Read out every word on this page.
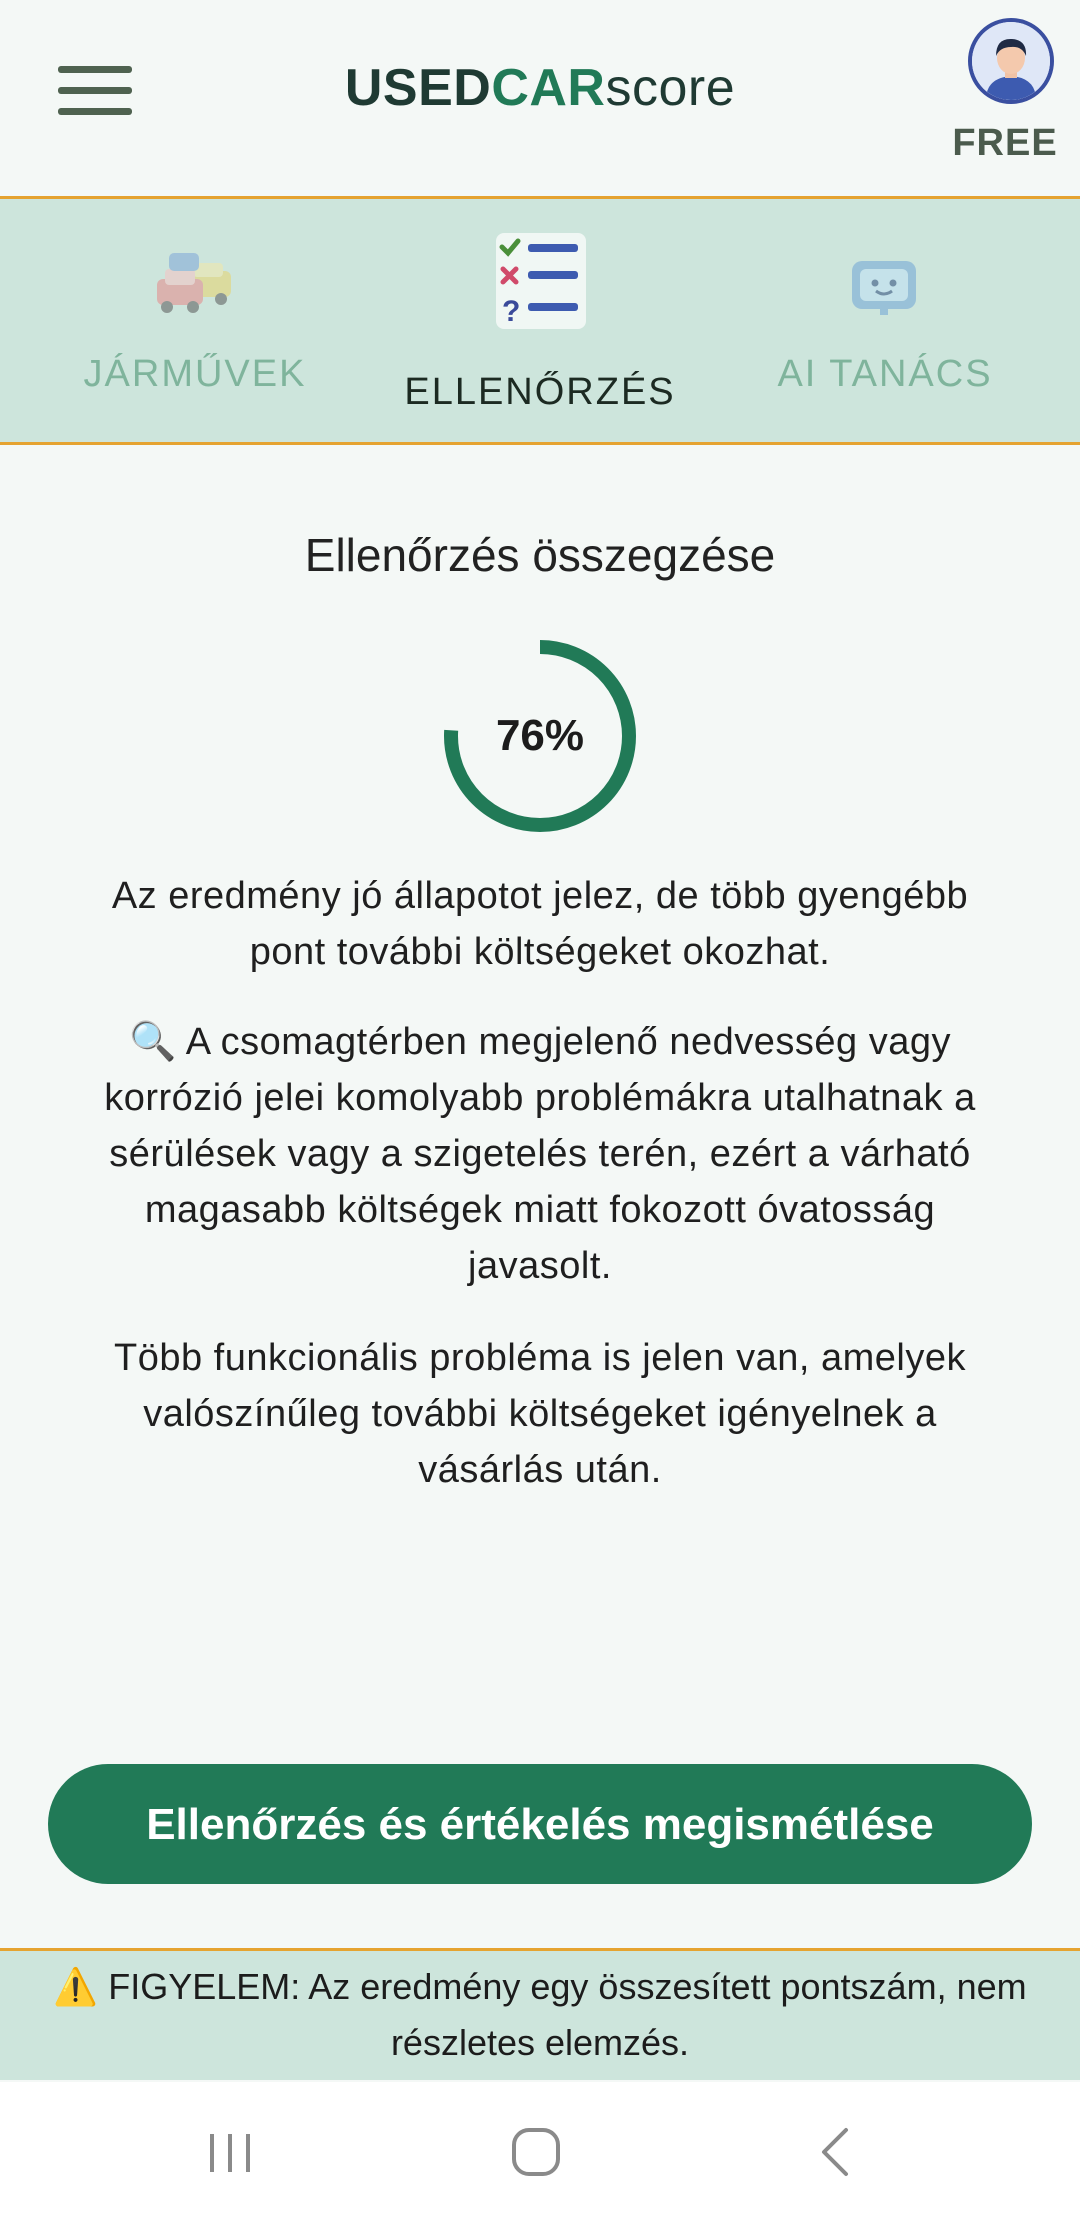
USEDCARscore
FREE
JÁRMŰVEK
?
ELLENŐRZÉS	AI TANÁCS
Ellenőrzés összegzése
76%
Az eredmény jó állapotot jelez, de több gyengébb pont további költségeket okozhat.
🔍 A csomagtérben megjelenő nedvesség vagy korrózió jelei komolyabb problémákra utalhatnak a sérülések vagy a szigetelés terén, ezért a várható magasabb költségek miatt fokozott óvatosság javasolt.
Több funkcionális probléma is jelen van, amelyek valószínűleg további költségeket igényelnek a vásárlás után.
Ellenőrzés és értékelés megismétlése
⚠️ FIGYELEM: Az eredmény egy összesített pontszám, nem részletes elemzés.
